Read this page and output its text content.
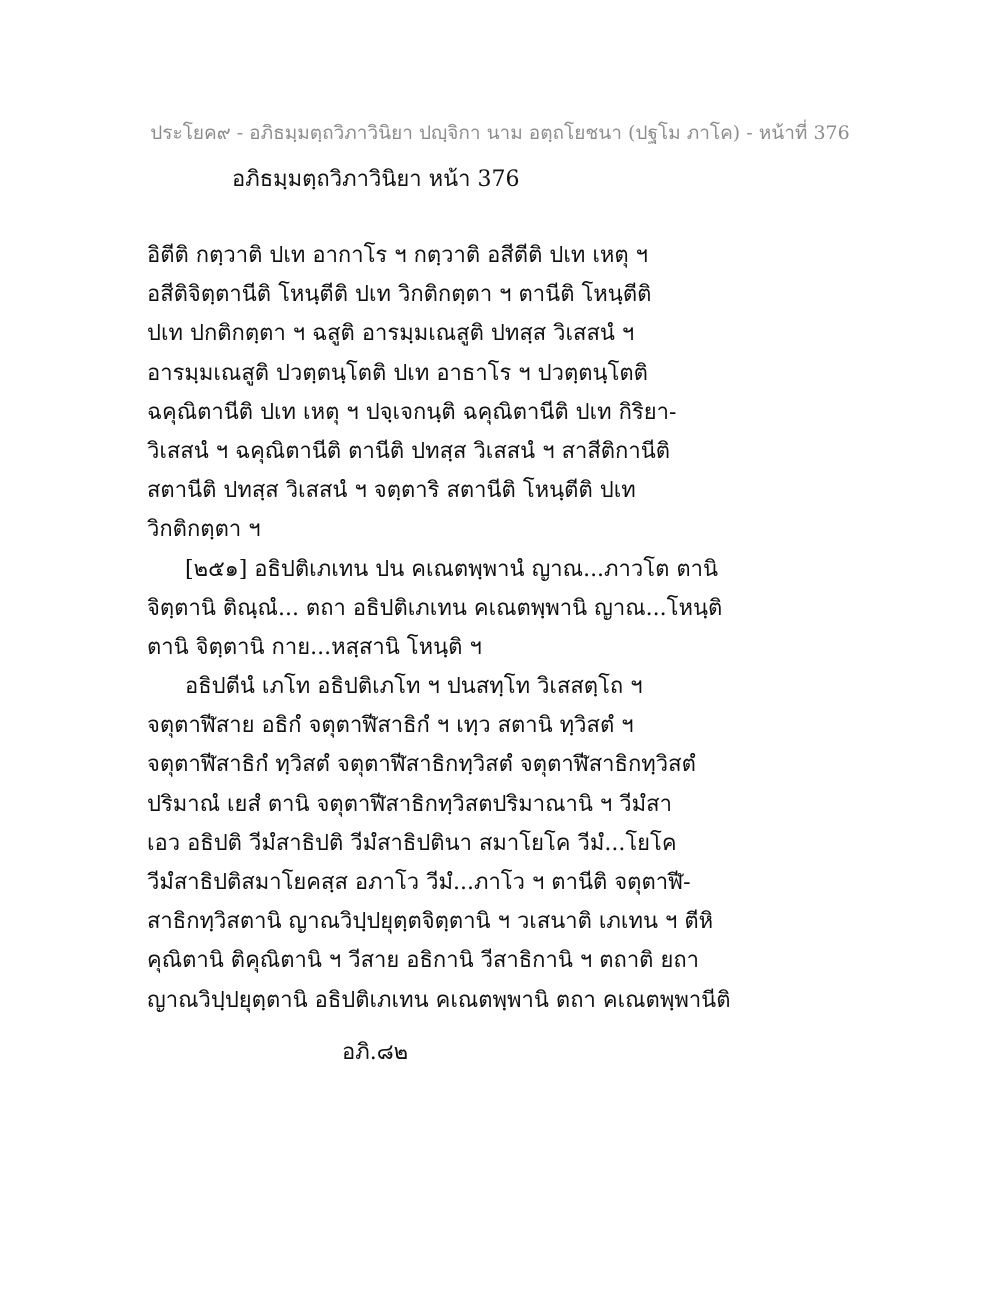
ประโยค๙ - อภิธมฺมตฺถวิภาวินิยา ปญฺจิกา นาม อตฺถโยชนา (ปฐโม ภาโค) - หน้าที่ 376
อภิธมฺมตฺถวิภาวินิยา หน้า 376
อิตีติ กตฺวาติ ปเท อากาโร ฯ กตฺวาติ อสีตีติ ปเท เหตุ ฯ
อสีติจิตฺตานีติ โหนฺตีติ ปเท วิกติกตฺตา ฯ ตานีติ โหนฺตีติ
ปเท ปกติกตฺตา ฯ ฉสูติ อารมฺมเณสูติ ปทสฺส วิเสสนํ ฯ
อารมฺมเณสูติ ปวตฺตนฺโตติ ปเท อาธาโร ฯ ปวตฺตนฺโตติ
ฉคุณิตานีติ ปเท เหตุ ฯ ปจฺเจกนฺติ ฉคุณิตานีติ ปเท กิริยา-
วิเสสนํ ฯ ฉคุณิตานีติ ตานีติ ปทสฺส วิเสสนํ ฯ สาสีติกานีติ
สตานีติ ปทสฺส วิเสสนํ ฯ จตฺตาริ สตานีติ โหนฺตีติ ปเท
วิกติกตฺตา ฯ
[๒๕๑] อธิปติเภเทน ปน คเณตพฺพานํ ญาณ...ภาวโต ตานิ
จิตฺตานิ ติณฺณํ... ตถา อธิปติเภเทน คเณตพฺพานิ ญาณ...โหนฺติ
ตานิ จิตฺตานิ กาย...หสฺสานิ โหนฺติ ฯ
อธิปตีนํ เภโท อธิปติเภโท ฯ ปนสทฺโท วิเสสตฺโถ ฯ
จตุตาฬีสาย อธิกํ จตุตาฬีสาธิกํ ฯ เทฺว สตานิ ทฺวิสตํ ฯ
จตุตาฬีสาธิกํ ทฺวิสตํ จตุตาฬีสาธิกทฺวิสตํ จตุตาฬีสาธิกทฺวิสตํ
ปริมาณํ เยสํ ตานิ จตุตาฬีสาธิกทฺวิสตปริมาณานิ ฯ วีมํสา
เอว อธิปติ วีมํสาธิปติ วีมํสาธิปตินา สมาโยโค วีมํ...โยโค
วีมํสาธิปติสมาโยคสฺส อภาโว วีมํ...ภาโว ฯ ตานีติ จตุตาฬี-
สาธิกทฺวิสตานิ ญาณวิปฺปยุตฺตจิตฺตานิ ฯ วเสนาติ เภเทน ฯ ตีหิ
คุณิตานิ ติคุณิตานิ ฯ วีสาย อธิกานิ วีสาธิกานิ ฯ ตถาติ ยถา
ญาณวิปฺปยุตฺตานิ อธิปติเภเทน คเณตพฺพานิ ตถา คเณตพฺพานีติ
อภิ.๘๒
